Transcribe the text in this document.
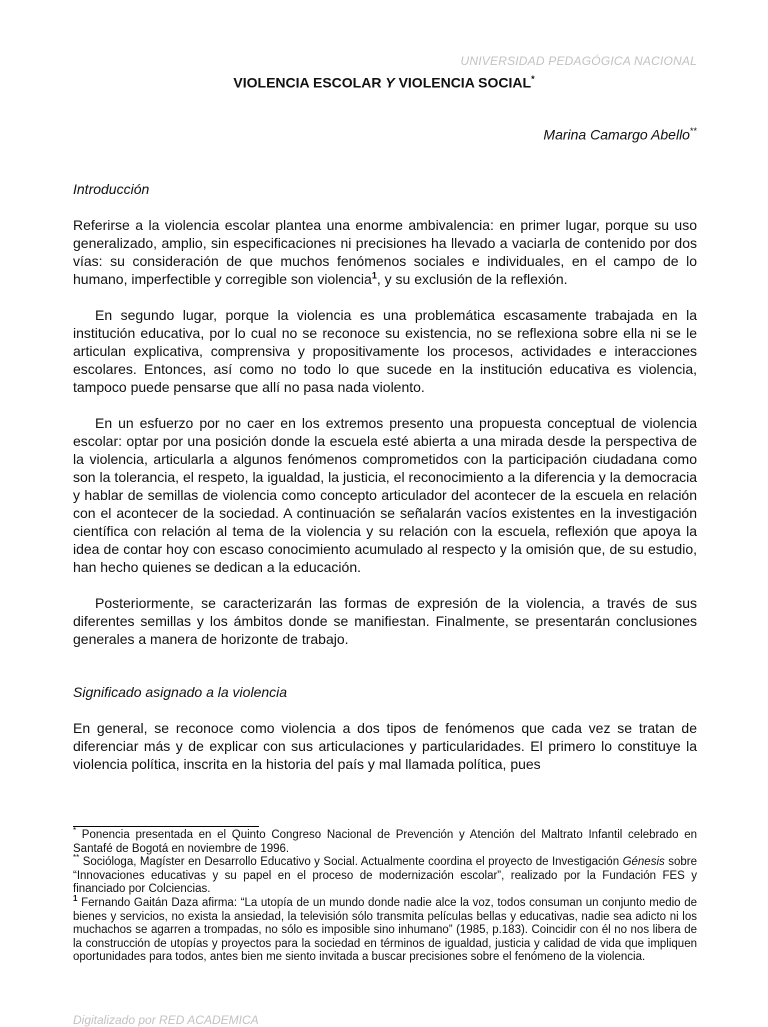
UNIVERSIDAD PEDAGÓGICA NACIONAL
VIOLENCIA ESCOLAR Y VIOLENCIA SOCIAL*
Marina Camargo Abello**
Introducción

Referirse a la violencia escolar plantea una enorme ambivalencia: en primer lugar, porque su uso generalizado, amplio, sin especificaciones ni precisiones ha llevado a vaciarla de contenido por dos vías: su consideración de que muchos fenómenos sociales e individuales, en el campo de lo humano, imperfectible y corregible son violencia$^1$, y su exclusión de la reflexión.

En segundo lugar, porque la violencia es una problemática escasamente trabajada en la institución educativa, por lo cual no se reconoce su existencia, no se reflexiona sobre ella ni se le articulan explicativa, comprensiva y propositivamente los procesos, actividades e interacciones escolares. Entonces, así como no todo lo que sucede en la institución educativa es violencia, tampoco puede pensarse que allí no pasa nada violento.

En un esfuerzo por no caer en los extremos presento una propuesta conceptual de violencia escolar: optar por una posición donde la escuela esté abierta a una mirada desde la perspectiva de la violencia, articularla a algunos fenómenos comprometidos con la participación ciudadana como son la tolerancia, el respeto, la igualdad, la justicia, el reconocimiento a la diferencia y la democracia y hablar de semillas de violencia como concepto articulador del acontecer de la escuela en relación con el acontecer de la sociedad. A continuación se señalarán vacíos existentes en la investigación científica con relación al tema de la violencia y su relación con la escuela, reflexión que apoya la idea de contar hoy con escaso conocimiento acumulado al respecto y la omisión que, de su estudio, han hecho quienes se dedican a la educación.

Posteriormente, se caracterizarán las formas de expresión de la violencia, a través de sus diferentes semillas y los ámbitos donde se manifiestan. Finalmente, se presentarán conclusiones generales a manera de horizonte de trabajo.

Significado asignado a la violencia

En general, se reconoce como violencia a dos tipos de fenómenos que cada vez se tratan de diferenciar más y de explicar con sus articulaciones y particularidades. El primero lo constituye la violencia política, inscrita en la historia del país y mal llamada política, pues

* Ponencia presentada en el Quinto Congreso Nacional de Prevención y Atención del Maltrato Infantil celebrado en Santafé de Bogotá en noviembre de 1996.

** Socióloga, Magíster en Desarrollo Educativo y Social. Actualmente coordina el proyecto de Investigación Génesis sobre “Innovaciones educativas y su papel en el proceso de modernización escolar”, realizado por la Fundación FES y financiado por Colciencias.

$^1$ Fernando Gaitán Daza afirma: “La utopía de un mundo donde nadie alce la voz, todos consuman un conjunto medio de bienes y servicios, no exista la ansiedad, la televisión sólo transmita películas bellas y educativas, nadie sea adicto ni los muchachos se agarren a trompadas, no sólo es imposible sino inhumano” (1985, p.183). Coincidir con él no nos libera de la construcción de utopías y proyectos para la sociedad en términos de igualdad, justicia y calidad de vida que impliquen oportunidades para todos, antes bien me siento invitada a buscar precisiones sobre el fenómeno de la violencia.

Digitalizado por RED ACADEMICA
